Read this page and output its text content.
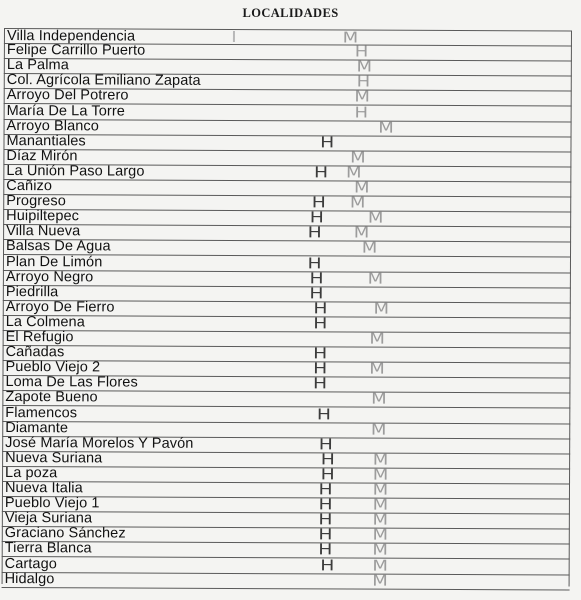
LOCALIDADES
Villa Independencia	M
Felipe Carrillo Puerto	H
La Palma	M
Col. Agrícola Emiliano Zapata	H
Arroyo Del Potrero	M
María De La Torre	H
Arroyo Blanco	M
Manantiales	H
Díaz Mirón	M
La Unión Paso Largo	H M
Cañizo	M
Progreso	H M
Huipiltepec	H	M
Villa Nueva	H M
Balsas De Agua	M
Plan De Limón	H
Arroyo Negro	H	M
Piedrilla	H
Arroyo De Fierro	H	M
La Colmena	H
El Refugio	M
Cañadas	H
Pueblo Viejo 2	H	M
Loma De Las Flores	H
Zapote Bueno	M
Flamencos	H
Diamante	M
José María Morelos Y Pavón	H
Nueva Suriana	H	M
La poza	H	M
Nueva Italia	H	M
Pueblo Viejo 1	H	M
Vieja Suriana	H	M
Graciano Sánchez	H	M
Tierra Blanca	H	M
Cartago	H	M
Hidalgo	M
